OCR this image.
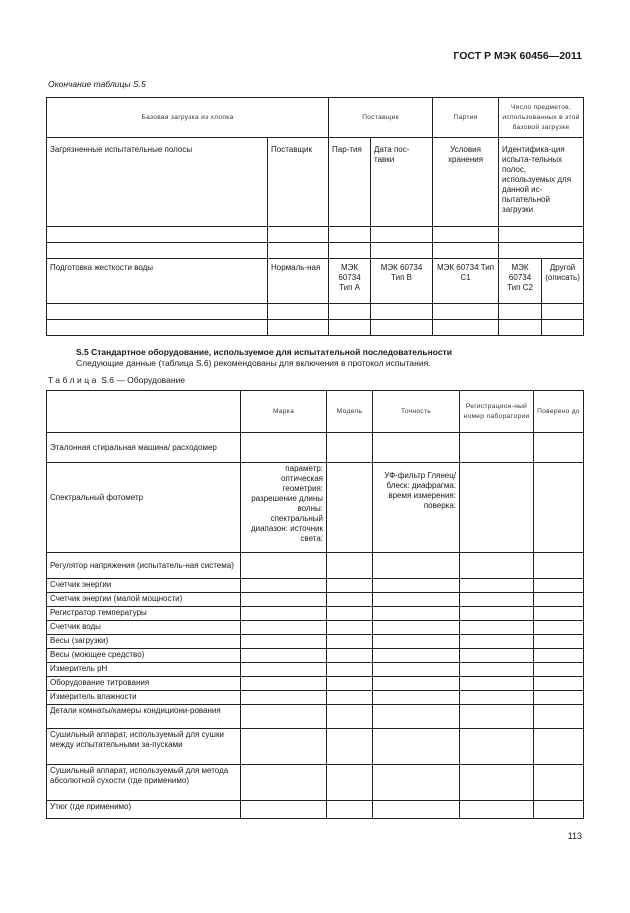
ГОСТ Р МЭК 60456—2011
Окончание таблицы S.5
Базовая загрузка из хлопка		Поставщик		Партия	Число предметов, использованных в этой базовой загрузке	
Загрязненные испытательные полосы	Поставщик	Пар-тия	Дата пос-тавки	Условия хранения	Идентифика-ция испыта-тельных полос, используемых для данной ис-пытательной загрузки	

Подготовка жесткости воды	Нормаль-ная	МЭК 60734 Тип A	МЭК 60734 Тип B	МЭК 60734 Тип C1	МЭК 60734 Тип C2	Другой (описать)

S.5 Стандартное оборудование, используемое для испытательной последовательности
Следующие данные (таблица S.6) рекомендованы для включения в протокол испытания.
Таблица S.6 — Оборудование
	Марка	Модель	Точность	Регистрацион-ный номер лаборатории	Поверено до
Эталонная стиральная машина/ расходомер					
Спектральный фотометр	параметр: оптическая геометрия: разрешение длины волны: спектральный диапазон: источник света:		УФ-фильтр Глянец/блеск: диафрагма: время измерения: поверка:		
Регулятор напряжения (испытатель-ная система)					
Счетчик энергии					
Счетчик энергии (малой мощности)					
Регистратор температуры					
Счетчик воды					
Весы (загрузки)					
Весы (моющее средство)					
Измеритель pH					
Оборудование титрования					
Измеритель влажности					
Детали комнаты/камеры кондициони-рования					
Сушильный аппарат, используемый для сушки между испытательными за-пусками					
Сушильный аппарат, используемый для метода абсолютной сухости (где применимо)					
Утюг (где применимо)					
113
